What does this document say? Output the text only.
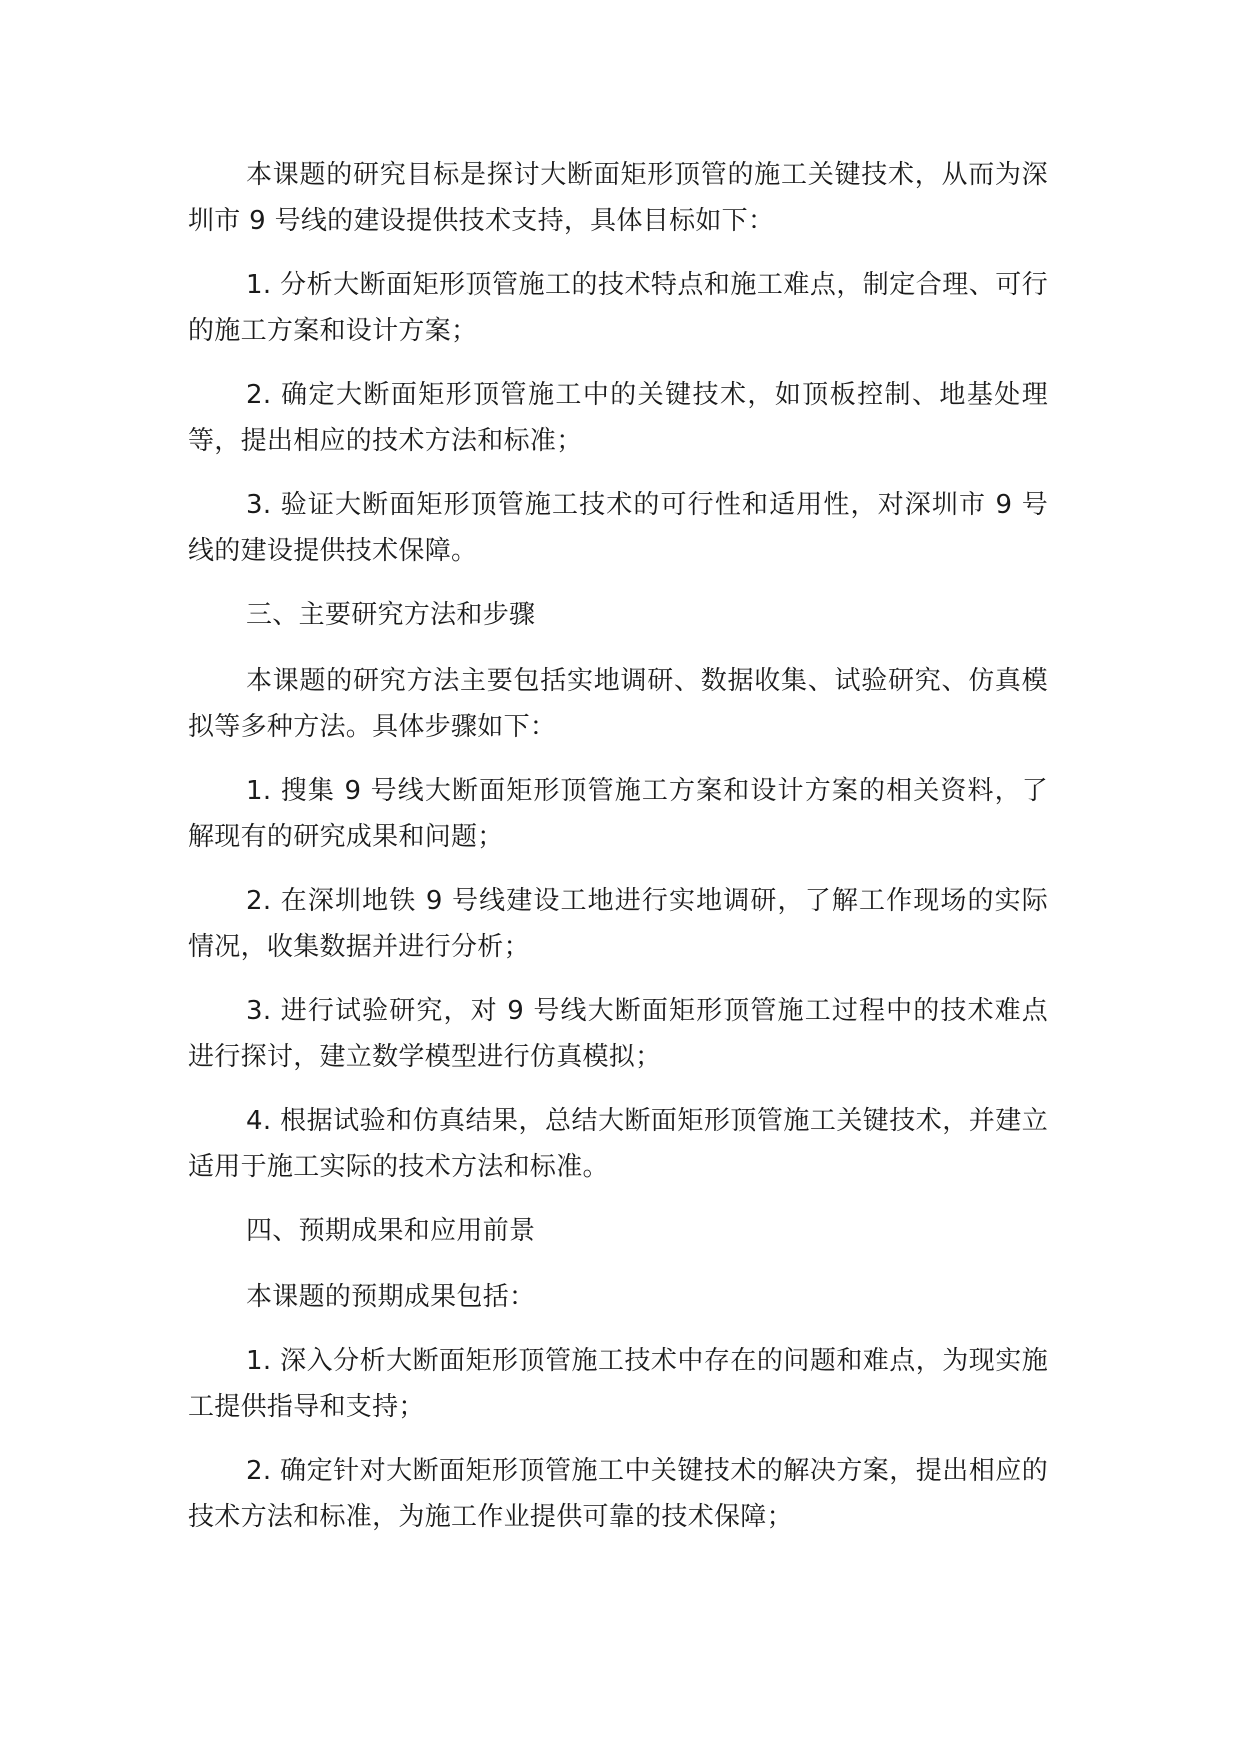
本课题的研究目标是探讨大断面矩形顶管的施工关键技术，从而为深圳市 9 号线的建设提供技术支持，具体目标如下：

1. 分析大断面矩形顶管施工的技术特点和施工难点，制定合理、可行的施工方案和设计方案；

2. 确定大断面矩形顶管施工中的关键技术，如顶板控制、地基处理等，提出相应的技术方法和标准；

3. 验证大断面矩形顶管施工技术的可行性和适用性，对深圳市 9 号线的建设提供技术保障。

三、主要研究方法和步骤

本课题的研究方法主要包括实地调研、数据收集、试验研究、仿真模拟等多种方法。具体步骤如下：

1. 搜集 9 号线大断面矩形顶管施工方案和设计方案的相关资料，了解现有的研究成果和问题；

2. 在深圳地铁 9 号线建设工地进行实地调研，了解工作现场的实际情况，收集数据并进行分析；

3. 进行试验研究，对 9 号线大断面矩形顶管施工过程中的技术难点进行探讨，建立数学模型进行仿真模拟；

4. 根据试验和仿真结果，总结大断面矩形顶管施工关键技术，并建立适用于施工实际的技术方法和标准。

四、预期成果和应用前景

本课题的预期成果包括：

1. 深入分析大断面矩形顶管施工技术中存在的问题和难点，为现实施工提供指导和支持；

2. 确定针对大断面矩形顶管施工中关键技术的解决方案，提出相应的技术方法和标准，为施工作业提供可靠的技术保障；
